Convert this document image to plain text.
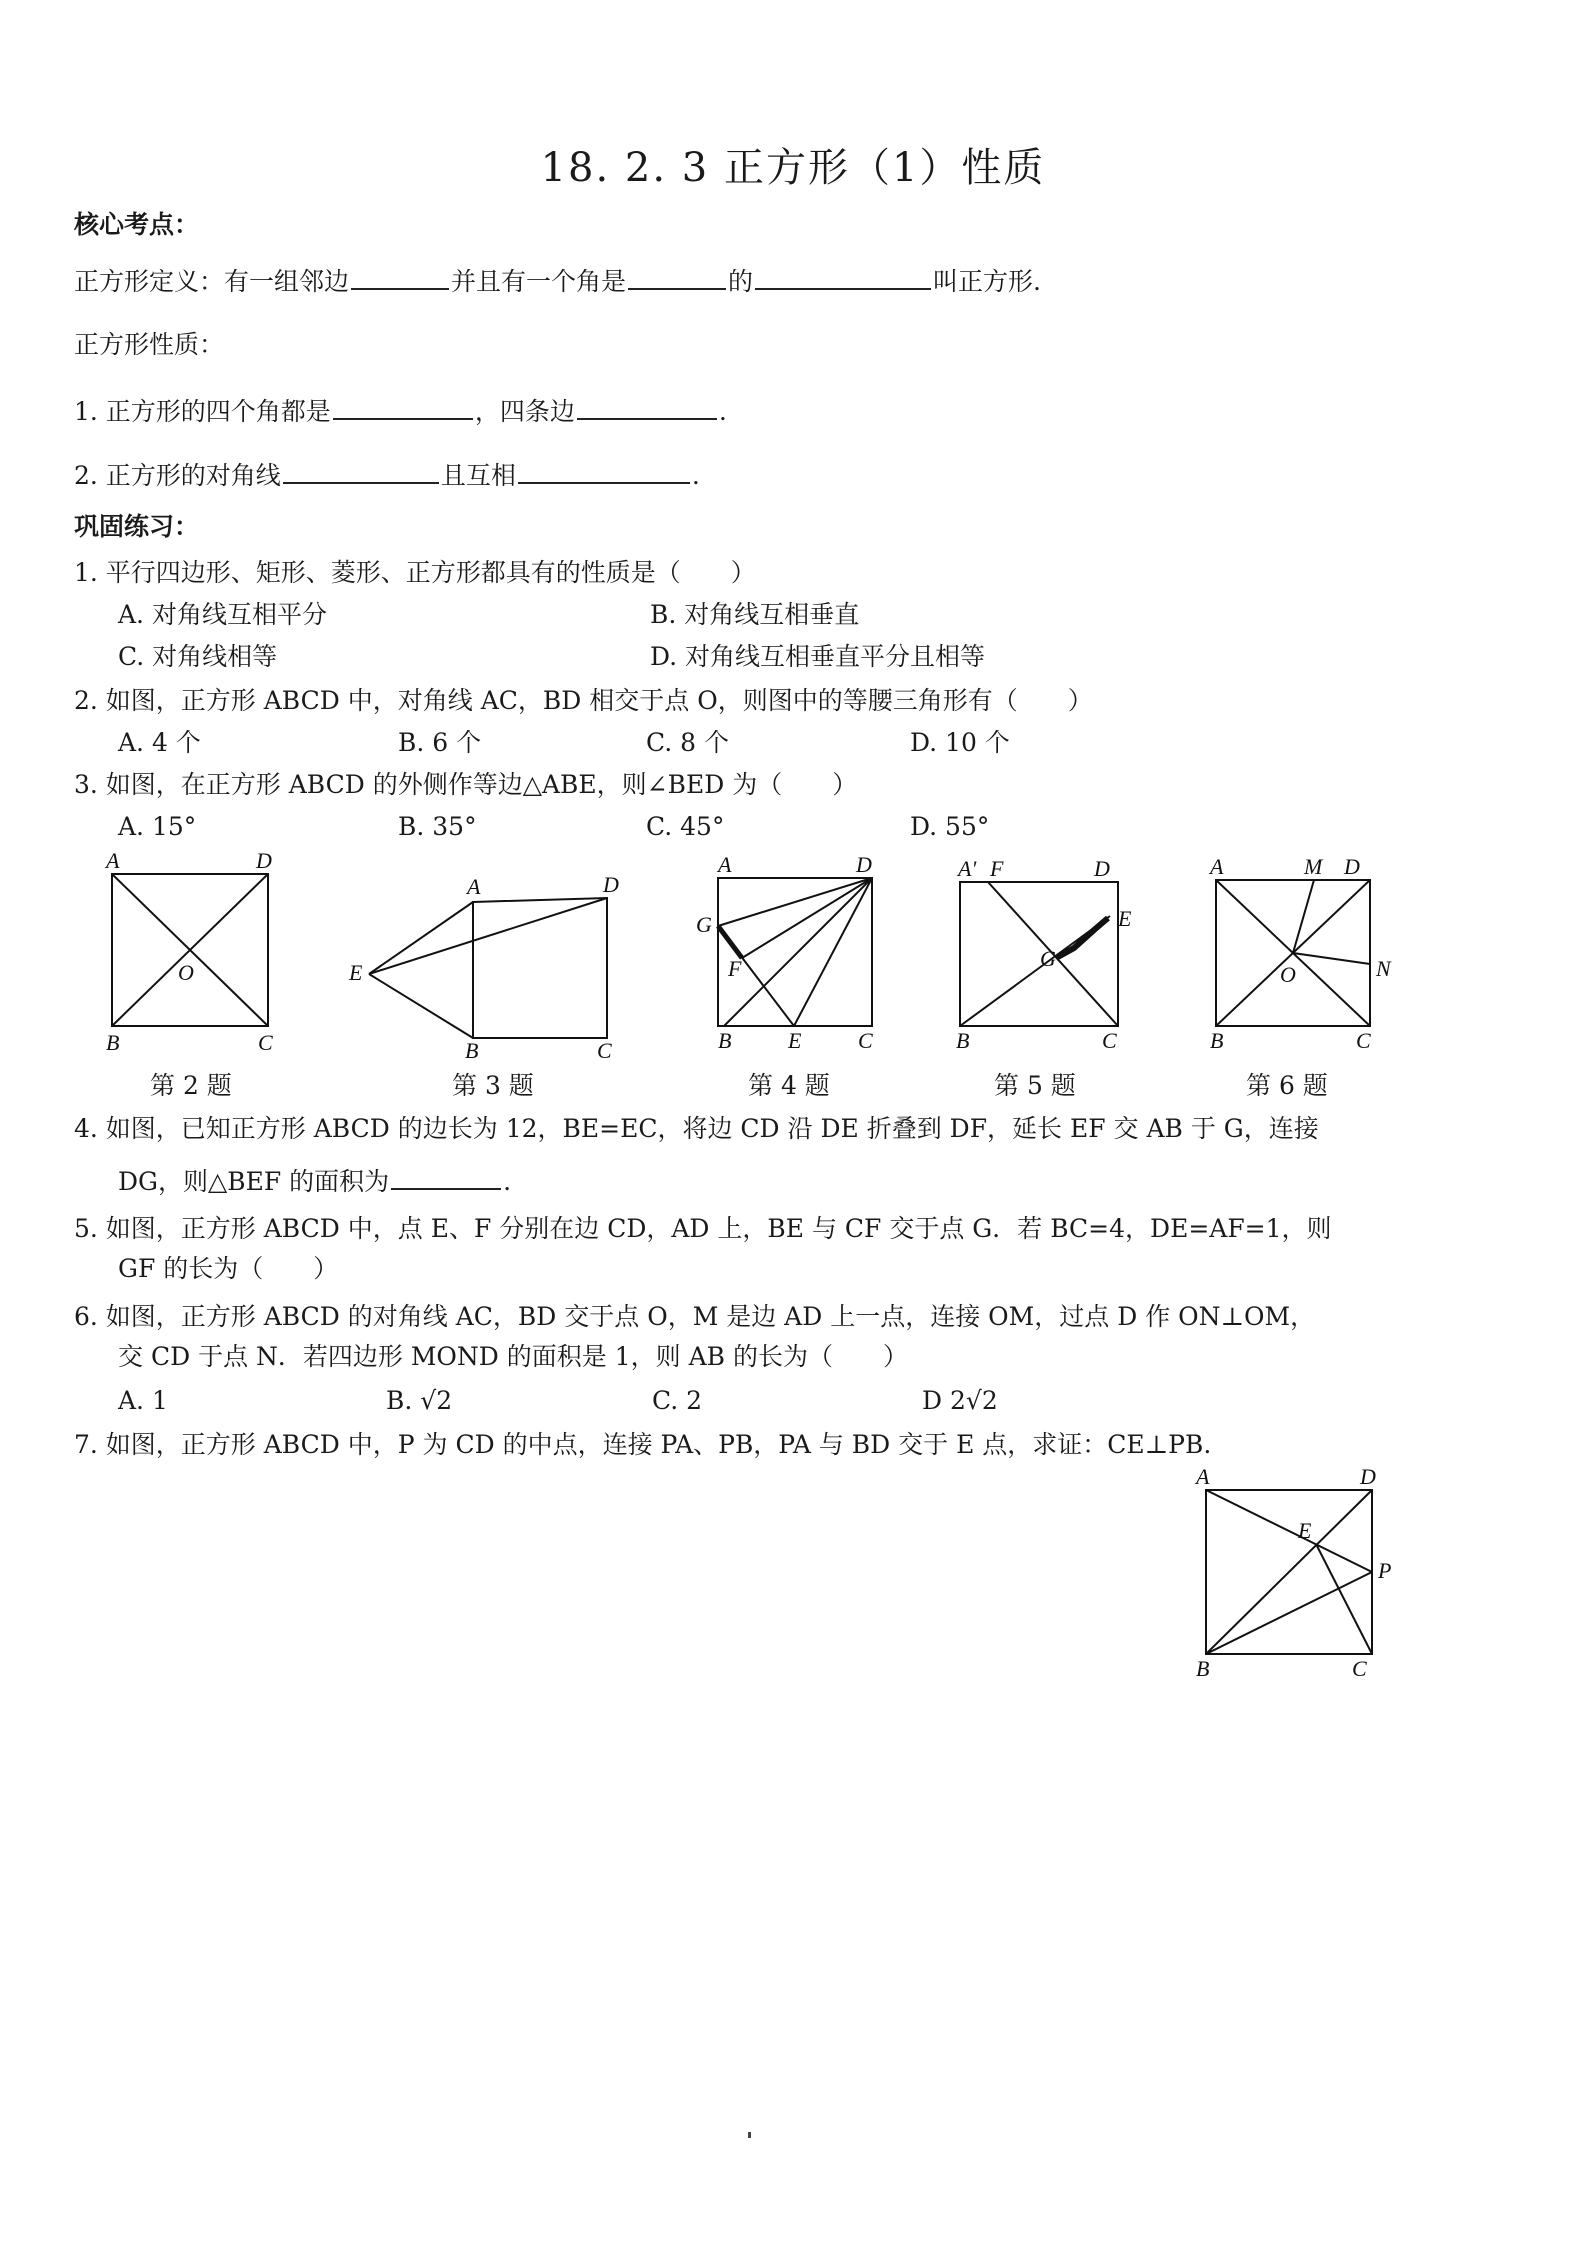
18. 2. 3 正方形（1）性质
核心考点：
正方形定义：有一组邻边	并且有一个角是	的	叫正方形.
正方形性质：
1. 正方形的四个角都是	，四条边	.
2. 正方形的对角线	且互相	.
巩固练习：
1. 平行四边形、矩形、菱形、正方形都具有的性质是（　　）
A. 对角线互相平分	B. 对角线互相垂直
C. 对角线相等	D. 对角线互相垂直平分且相等
2. 如图，正方形 ABCD 中，对角线 AC，BD 相交于点 O，则图中的等腰三角形有（　　）
A. 4 个	B. 6 个	C. 8 个	D. 10 个
3. 如图，在正方形 ABCD 的外侧作等边△ABE，则∠BED 为（　　）
A. 15°	B. 35°	C. 45°	D. 55°
A	D
B	C
O
第 2 题
A	D
E
B	C
第 3 题
A	D
G
F
B	E	C
第 4 题
A' F	D
E
G
B	C
第 5 题
A	M D
O	N
B	C
第 6 题
4. 如图，已知正方形 ABCD 的边长为 12，BE=EC，将边 CD 沿 DE 折叠到 DF，延长 EF 交 AB 于 G，连接
DG，则△BEF 的面积为	.
5. 如图，正方形 ABCD 中，点 E、F 分别在边 CD，AD 上，BE 与 CF 交于点 G．若 BC=4，DE=AF=1，则
GF 的长为（　　）
6. 如图，正方形 ABCD 的对角线 AC，BD 交于点 O，M 是边 AD 上一点，连接 OM，过点 D 作 ON⊥OM，
交 CD 于点 N．若四边形 MOND 的面积是 1，则 AB 的长为（　　）
A. 1	B. √2	C. 2	D 2√2
7. 如图，正方形 ABCD 中，P 为 CD 的中点，连接 PA、PB，PA 与 BD 交于 E 点，求证：CE⊥PB.
A	D
E
P
B	C
